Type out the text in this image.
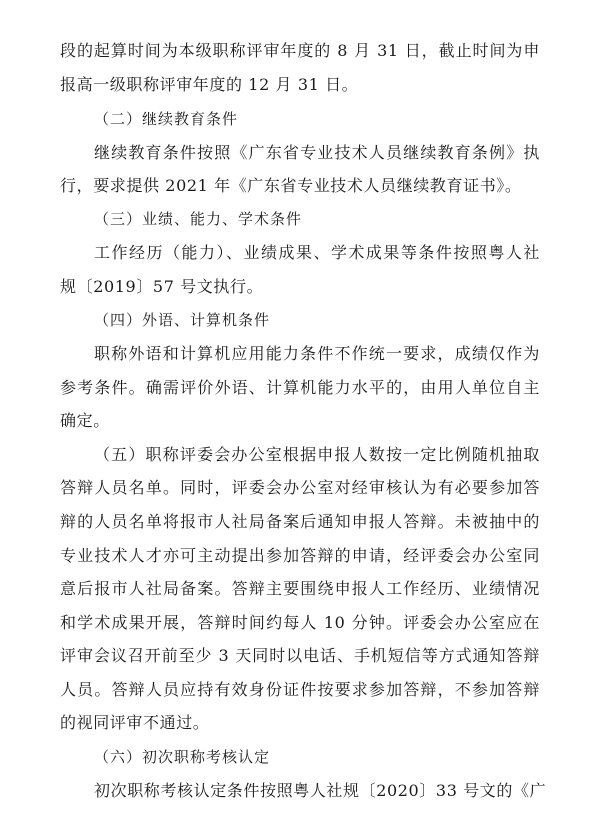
段的起算时间为本级职称评审年度的 8 月 31 日，截止时间为申
报高一级职称评审年度的 12 月 31 日。
（二）继续教育条件
继续教育条件按照《广东省专业技术人员继续教育条例》执
行，要求提供 2021 年《广东省专业技术人员继续教育证书》。
（三）业绩、能力、学术条件
工作经历（能力）、业绩成果、学术成果等条件按照粤人社
规〔2019〕57 号文执行。
（四）外语、计算机条件
职称外语和计算机应用能力条件不作统一要求，成绩仅作为
参考条件。确需评价外语、计算机能力水平的，由用人单位自主
确定。
（五）职称评委会办公室根据申报人数按一定比例随机抽取
答辩人员名单。同时，评委会办公室对经审核认为有必要参加答
辩的人员名单将报市人社局备案后通知申报人答辩。未被抽中的
专业技术人才亦可主动提出参加答辩的申请，经评委会办公室同
意后报市人社局备案。答辩主要围绕申报人工作经历、业绩情况
和学术成果开展，答辩时间约每人 10 分钟。评委会办公室应在
评审会议召开前至少 3 天同时以电话、手机短信等方式通知答辩
人员。答辩人员应持有效身份证件按要求参加答辩，不参加答辩
的视同评审不通过。
（六）初次职称考核认定
初次职称考核认定条件按照粤人社规〔2020〕33 号文的《广
